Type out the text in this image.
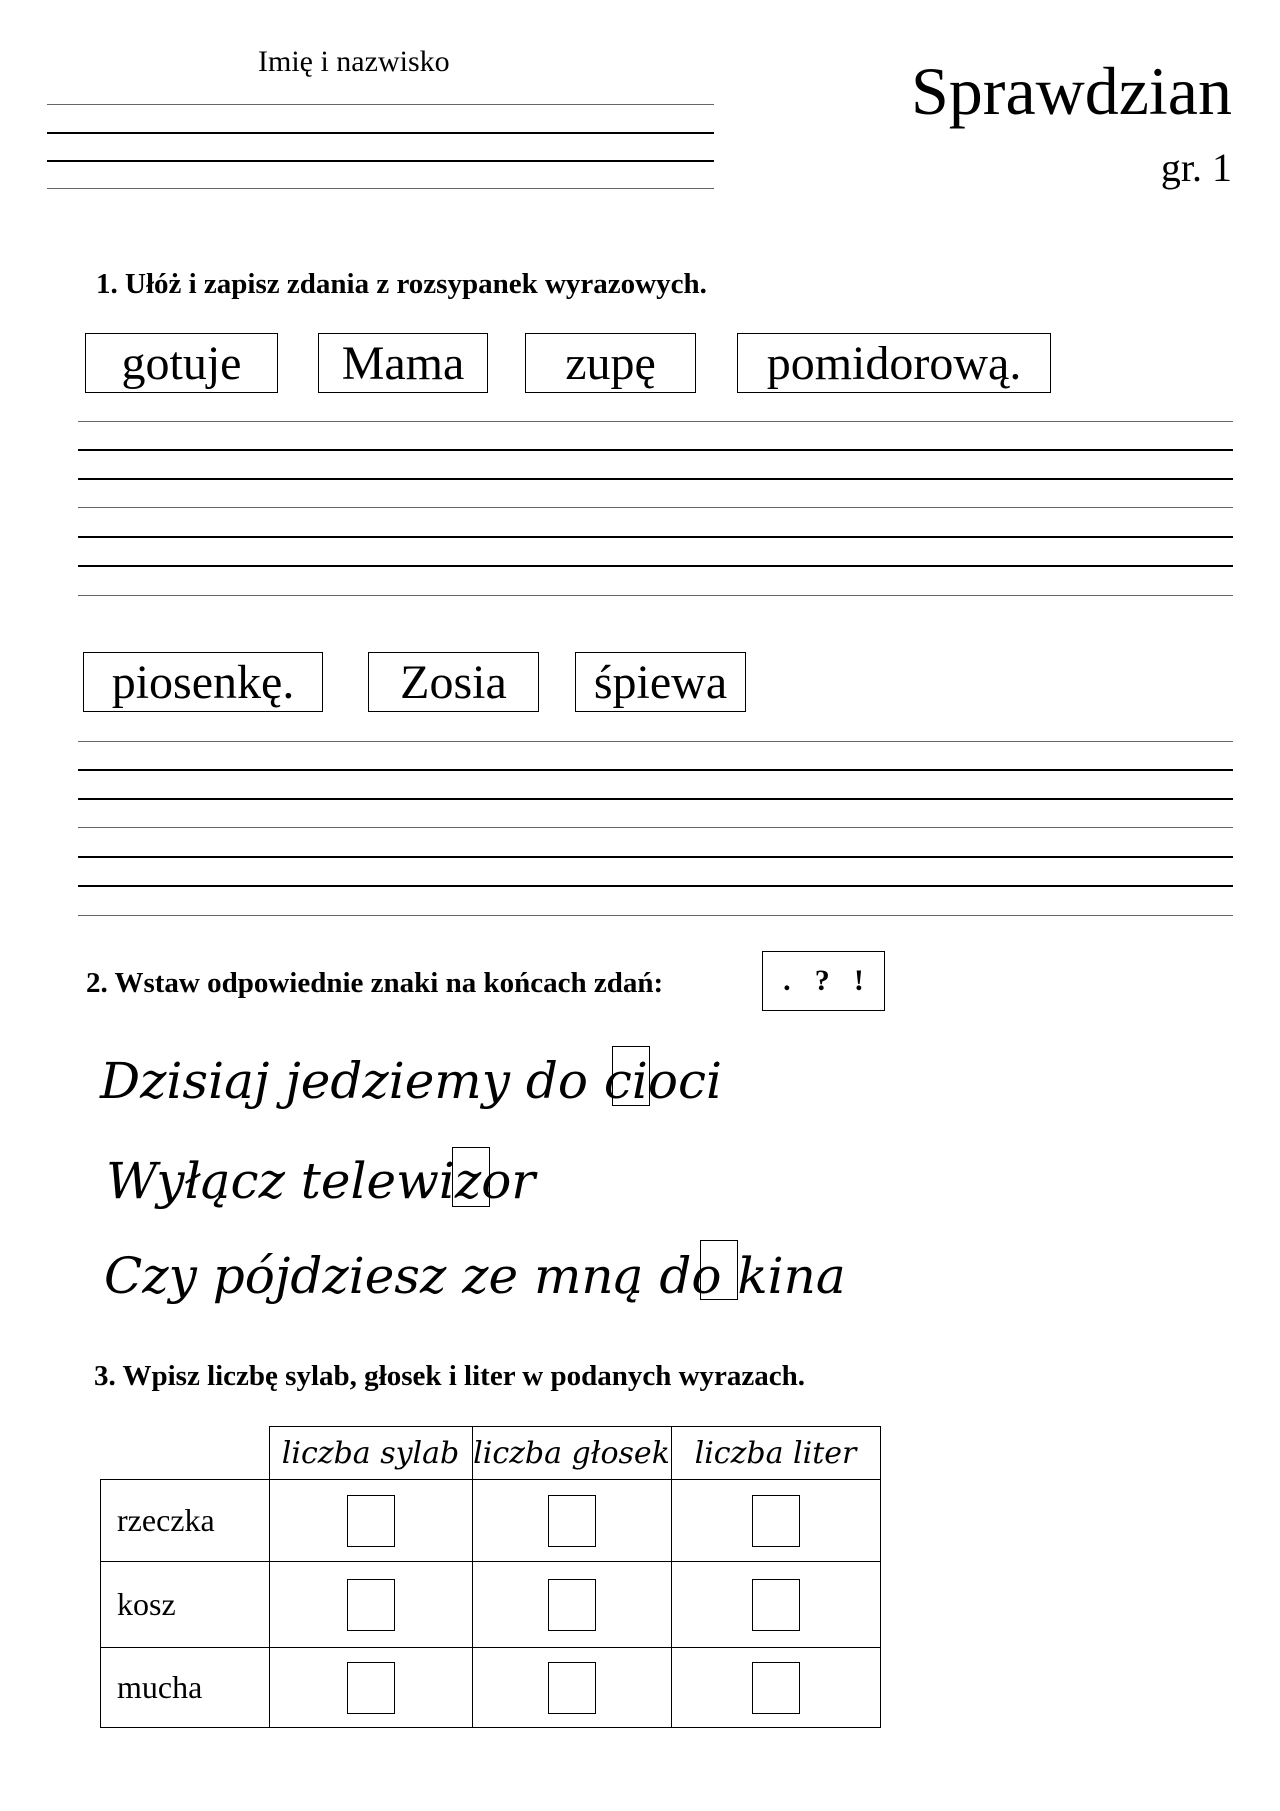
Imię i nazwisko	Sprawdzian
gr. 1
1. Ułóż i zapisz zdania z rozsypanek wyrazowych.
gotuje	Mama	zupę	pomidorową.
piosenkę.	Zosia	śpiewa
2. Wstaw odpowiednie znaki na końcach zdań:	. ? !
Dzisiaj jedziemy do cioci
Wyłącz telewizor
Czy pójdziesz ze mną do kina
3. Wpisz liczbę sylab, głosek i liter w podanych wyrazach.
	liczba sylab	liczba głosek	liczba liter
rzeczka	

kosz	

mucha	
